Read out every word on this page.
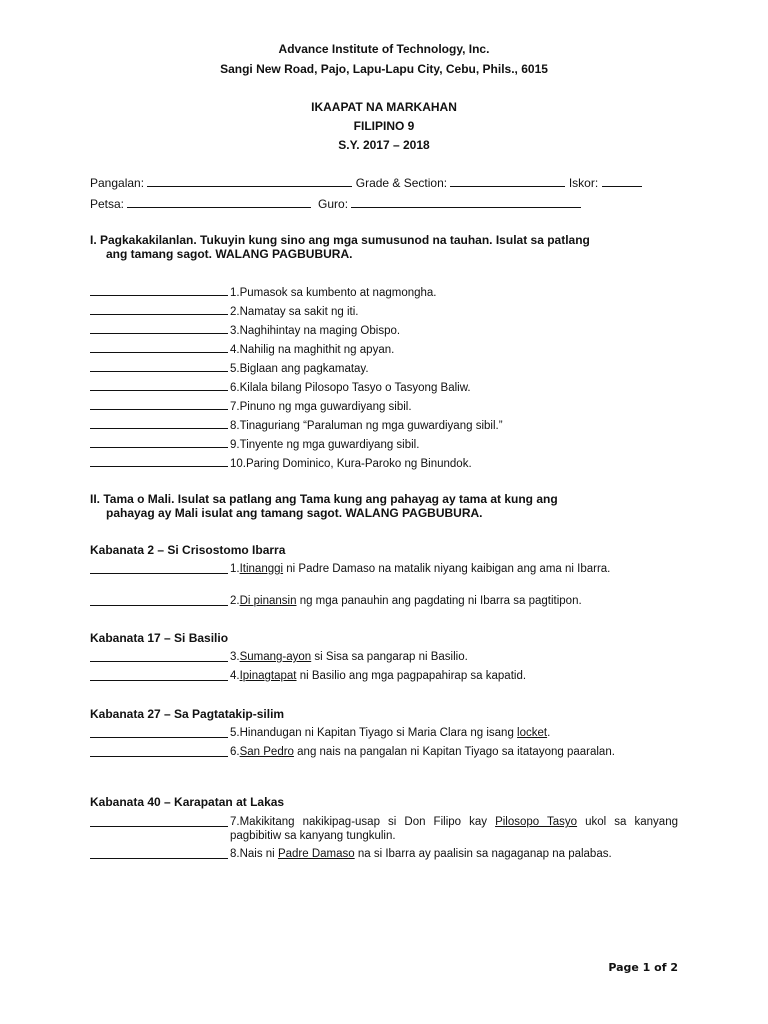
Advance Institute of Technology, Inc.
Sangi New Road, Pajo, Lapu-Lapu City, Cebu, Phils., 6015
IKAAPAT NA MARKAHAN
FILIPINO 9
S.Y. 2017 – 2018
Pangalan:	Grade & Section:	Iskor:
Petsa:	Guro:
I. Pagkakakilanlan. Tukuyin kung sino ang mga sumusunod na tauhan. Isulat sa patlang
ang tamang sagot. WALANG PAGBUBURA.
1.Pumasok sa kumbento at nagmongha.
2.Namatay sa sakit ng iti.
3.Naghihintay na maging Obispo.
4.Nahilig na maghithit ng apyan.
5.Biglaan ang pagkamatay.
6.Kilala bilang Pilosopo Tasyo o Tasyong Baliw.
7.Pinuno ng mga guwardiyang sibil.
8.Tinaguriang “Paraluman ng mga guwardiyang sibil.”
9.Tinyente ng mga guwardiyang sibil.
10.Paring Dominico, Kura-Paroko ng Binundok.
II. Tama o Mali. Isulat sa patlang ang Tama kung ang pahayag ay tama at kung ang
pahayag ay Mali isulat ang tamang sagot. WALANG PAGBUBURA.
Kabanata 2 – Si Crisostomo Ibarra
1.Itinanggi ni Padre Damaso na matalik niyang kaibigan ang ama ni Ibarra.
2.Di pinansin ng mga panauhin ang pagdating ni Ibarra sa pagtitipon.
Kabanata 17 – Si Basilio
3.Sumang-ayon si Sisa sa pangarap ni Basilio.
4.Ipinagtapat ni Basilio ang mga pagpapahirap sa kapatid.
Kabanata 27 – Sa Pagtatakip-silim
5.Hinandugan ni Kapitan Tiyago si Maria Clara ng isang locket.
6.San Pedro ang nais na pangalan ni Kapitan Tiyago sa itatayong paaralan.
Kabanata 40 – Karapatan at Lakas
7.Makikitang nakikipag-usap si Don Filipo kay Pilosopo Tasyo ukol sa kanyang pagbibitiw sa kanyang tungkulin.
8.Nais ni Padre Damaso na si Ibarra ay paalisin sa nagaganap na palabas.
Page 1 of 2
